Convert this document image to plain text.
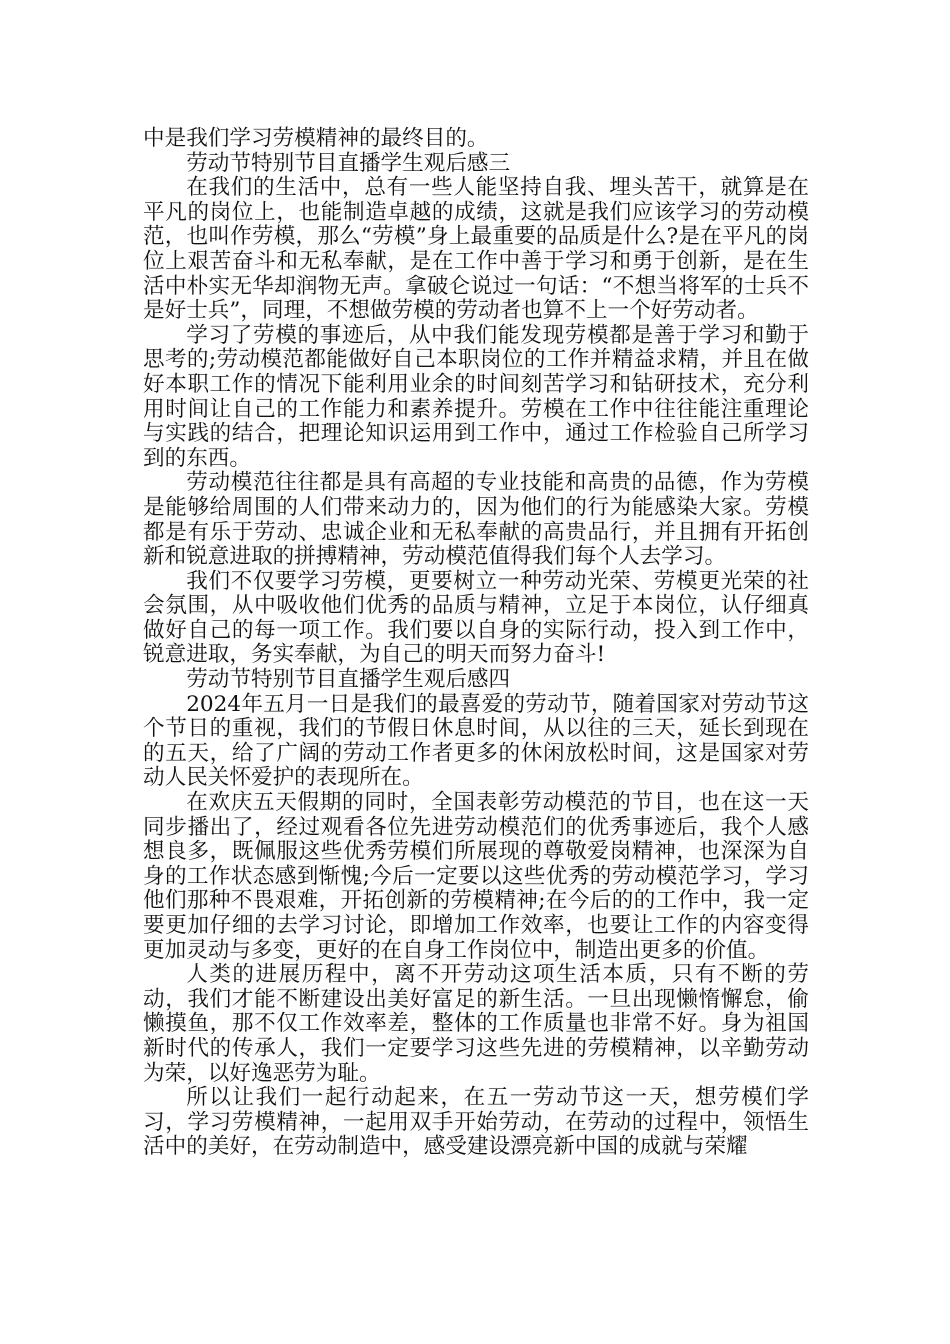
中是我们学习劳模精神的最终目的。

劳动节特别节目直播学生观后感三

在我们的生活中，总有一些人能坚持自我、埋头苦干，就算是在平凡的岗位上，也能制造卓越的成绩，这就是我们应该学习的劳动模范，也叫作劳模，那么“劳模”身上最重要的品质是什么?是在平凡的岗位上艰苦奋斗和无私奉献，是在工作中善于学习和勇于创新，是在生活中朴实无华却润物无声。拿破仑说过一句话：“不想当将军的士兵不是好士兵”，同理，不想做劳模的劳动者也算不上一个好劳动者。

学习了劳模的事迹后，从中我们能发现劳模都是善于学习和勤于思考的;劳动模范都能做好自己本职岗位的工作并精益求精，并且在做好本职工作的情况下能利用业余的时间刻苦学习和钻研技术，充分利用时间让自己的工作能力和素养提升。劳模在工作中往往能注重理论与实践的结合，把理论知识运用到工作中，通过工作检验自己所学习到的东西。

劳动模范往往都是具有高超的专业技能和高贵的品德，作为劳模是能够给周围的人们带来动力的，因为他们的行为能感染大家。劳模都是有乐于劳动、忠诚企业和无私奉献的高贵品行，并且拥有开拓创新和锐意进取的拼搏精神，劳动模范值得我们每个人去学习。

我们不仅要学习劳模，更要树立一种劳动光荣、劳模更光荣的社会氛围，从中吸收他们优秀的品质与精神，立足于本岗位，认仔细真做好自己的每一项工作。我们要以自身的实际行动，投入到工作中，锐意进取，务实奉献，为自己的明天而努力奋斗!

劳动节特别节目直播学生观后感四

2024年五月一日是我们的最喜爱的劳动节，随着国家对劳动节这个节日的重视，我们的节假日休息时间，从以往的三天，延长到现在的五天，给了广阔的劳动工作者更多的休闲放松时间，这是国家对劳动人民关怀爱护的表现所在。

在欢庆五天假期的同时，全国表彰劳动模范的节目，也在这一天同步播出了，经过观看各位先进劳动模范们的优秀事迹后，我个人感想良多，既佩服这些优秀劳模们所展现的尊敬爱岗精神，也深深为自身的工作状态感到惭愧;今后一定要以这些优秀的劳动模范学习，学习他们那种不畏艰难，开拓创新的劳模精神;在今后的的工作中，我一定要更加仔细的去学习讨论，即增加工作效率，也要让工作的内容变得更加灵动与多变，更好的在自身工作岗位中，制造出更多的价值。

人类的进展历程中，离不开劳动这项生活本质，只有不断的劳动，我们才能不断建设出美好富足的新生活。一旦出现懒惰懈怠，偷懒摸鱼，那不仅工作效率差，整体的工作质量也非常不好。身为祖国新时代的传承人，我们一定要学习这些先进的劳模精神，以辛勤劳动为荣，以好逸恶劳为耻。

所以让我们一起行动起来，在五一劳动节这一天，想劳模们学习，学习劳模精神，一起用双手开始劳动，在劳动的过程中，领悟生活中的美好，在劳动制造中，感受建设漂亮新中国的成就与荣耀
